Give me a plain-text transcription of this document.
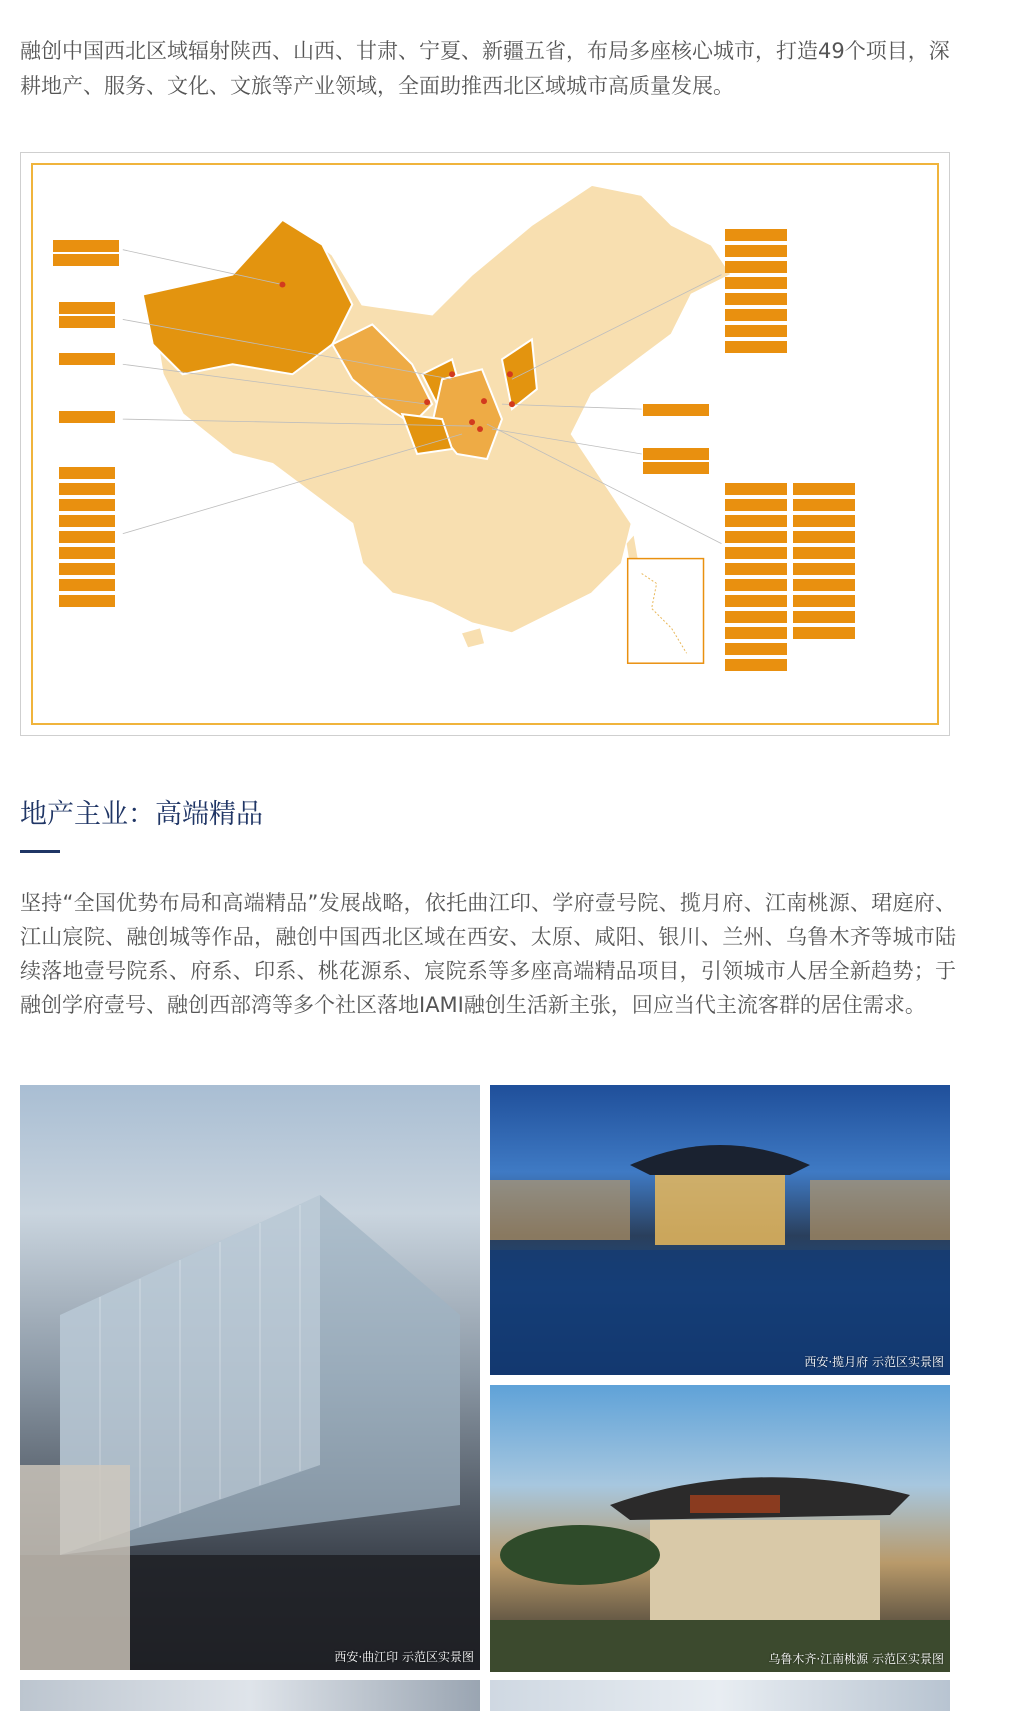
融创中国西北区域辐射陕西、山西、甘肃、宁夏、新疆五省，布局多座核心城市，打造49个项目，深耕地产、服务、文化、文旅等产业领域，全面助推西北区域城市高质量发展。

地产主业：高端精品

坚持“全国优势布局和高端精品”发展战略，依托曲江印、学府壹号院、揽月府、江南桃源、珺庭府、江山宸院、融创城等作品，融创中国西北区域在西安、太原、咸阳、银川、兰州、乌鲁木齐等城市陆续落地壹号院系、府系、印系、桃花源系、宸院系等多座高端精品项目，引领城市人居全新趋势；于融创学府壹号、融创西部湾等多个社区落地IAMI融创生活新主张，回应当代主流客群的居住需求。

西安·曲江印 示范区实景图
西安·揽月府 示范区实景图
乌鲁木齐·江南桃源 示范区实景图
